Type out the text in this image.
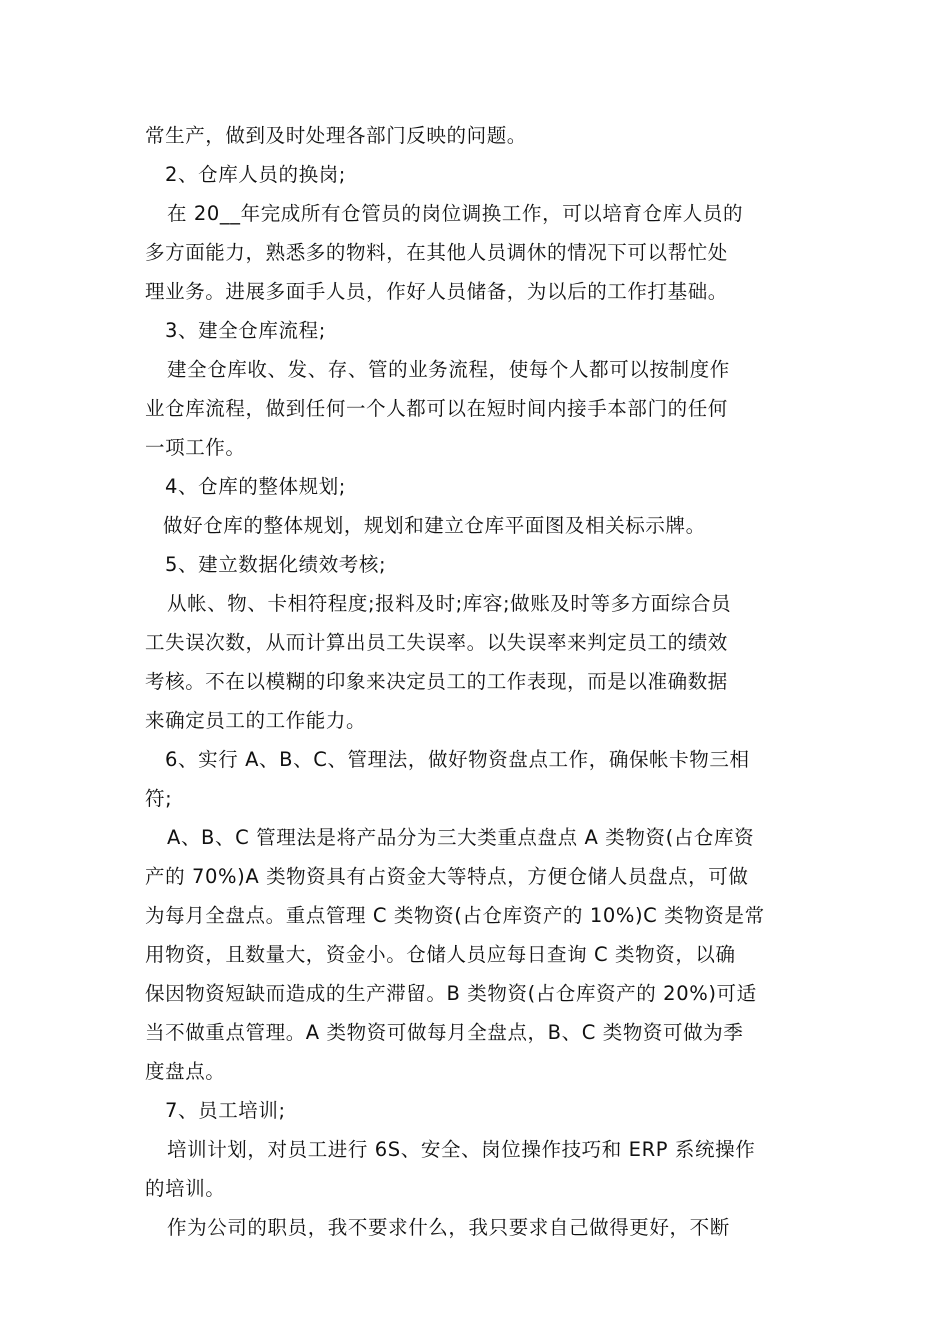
常生产，做到及时处理各部门反映的问题。
2、仓库人员的换岗;
在 20__年完成所有仓管员的岗位调换工作，可以培育仓库人员的
多方面能力，熟悉多的物料，在其他人员调休的情况下可以帮忙处
理业务。进展多面手人员，作好人员储备，为以后的工作打基础。
3、建全仓库流程;
建全仓库收、发、存、管的业务流程，使每个人都可以按制度作
业仓库流程，做到任何一个人都可以在短时间内接手本部门的任何
一项工作。
4、仓库的整体规划;
做好仓库的整体规划，规划和建立仓库平面图及相关标示牌。
5、建立数据化绩效考核;
从帐、物、卡相符程度;报料及时;库容;做账及时等多方面综合员
工失误次数，从而计算出员工失误率。以失误率来判定员工的绩效
考核。不在以模糊的印象来决定员工的工作表现，而是以准确数据
来确定员工的工作能力。
6、实行 A、B、C、管理法，做好物资盘点工作，确保帐卡物三相
符;
A、B、C 管理法是将产品分为三大类重点盘点 A 类物资(占仓库资
产的 70%)A 类物资具有占资金大等特点，方便仓储人员盘点，可做
为每月全盘点。重点管理 C 类物资(占仓库资产的 10%)C 类物资是常
用物资，且数量大，资金小。仓储人员应每日查询 C 类物资，以确
保因物资短缺而造成的生产滞留。B 类物资(占仓库资产的 20%)可适
当不做重点管理。A 类物资可做每月全盘点，B、C 类物资可做为季
度盘点。
7、员工培训;
培训计划，对员工进行 6S、安全、岗位操作技巧和 ERP 系统操作
的培训。
作为公司的职员，我不要求什么，我只要求自己做得更好，不断
